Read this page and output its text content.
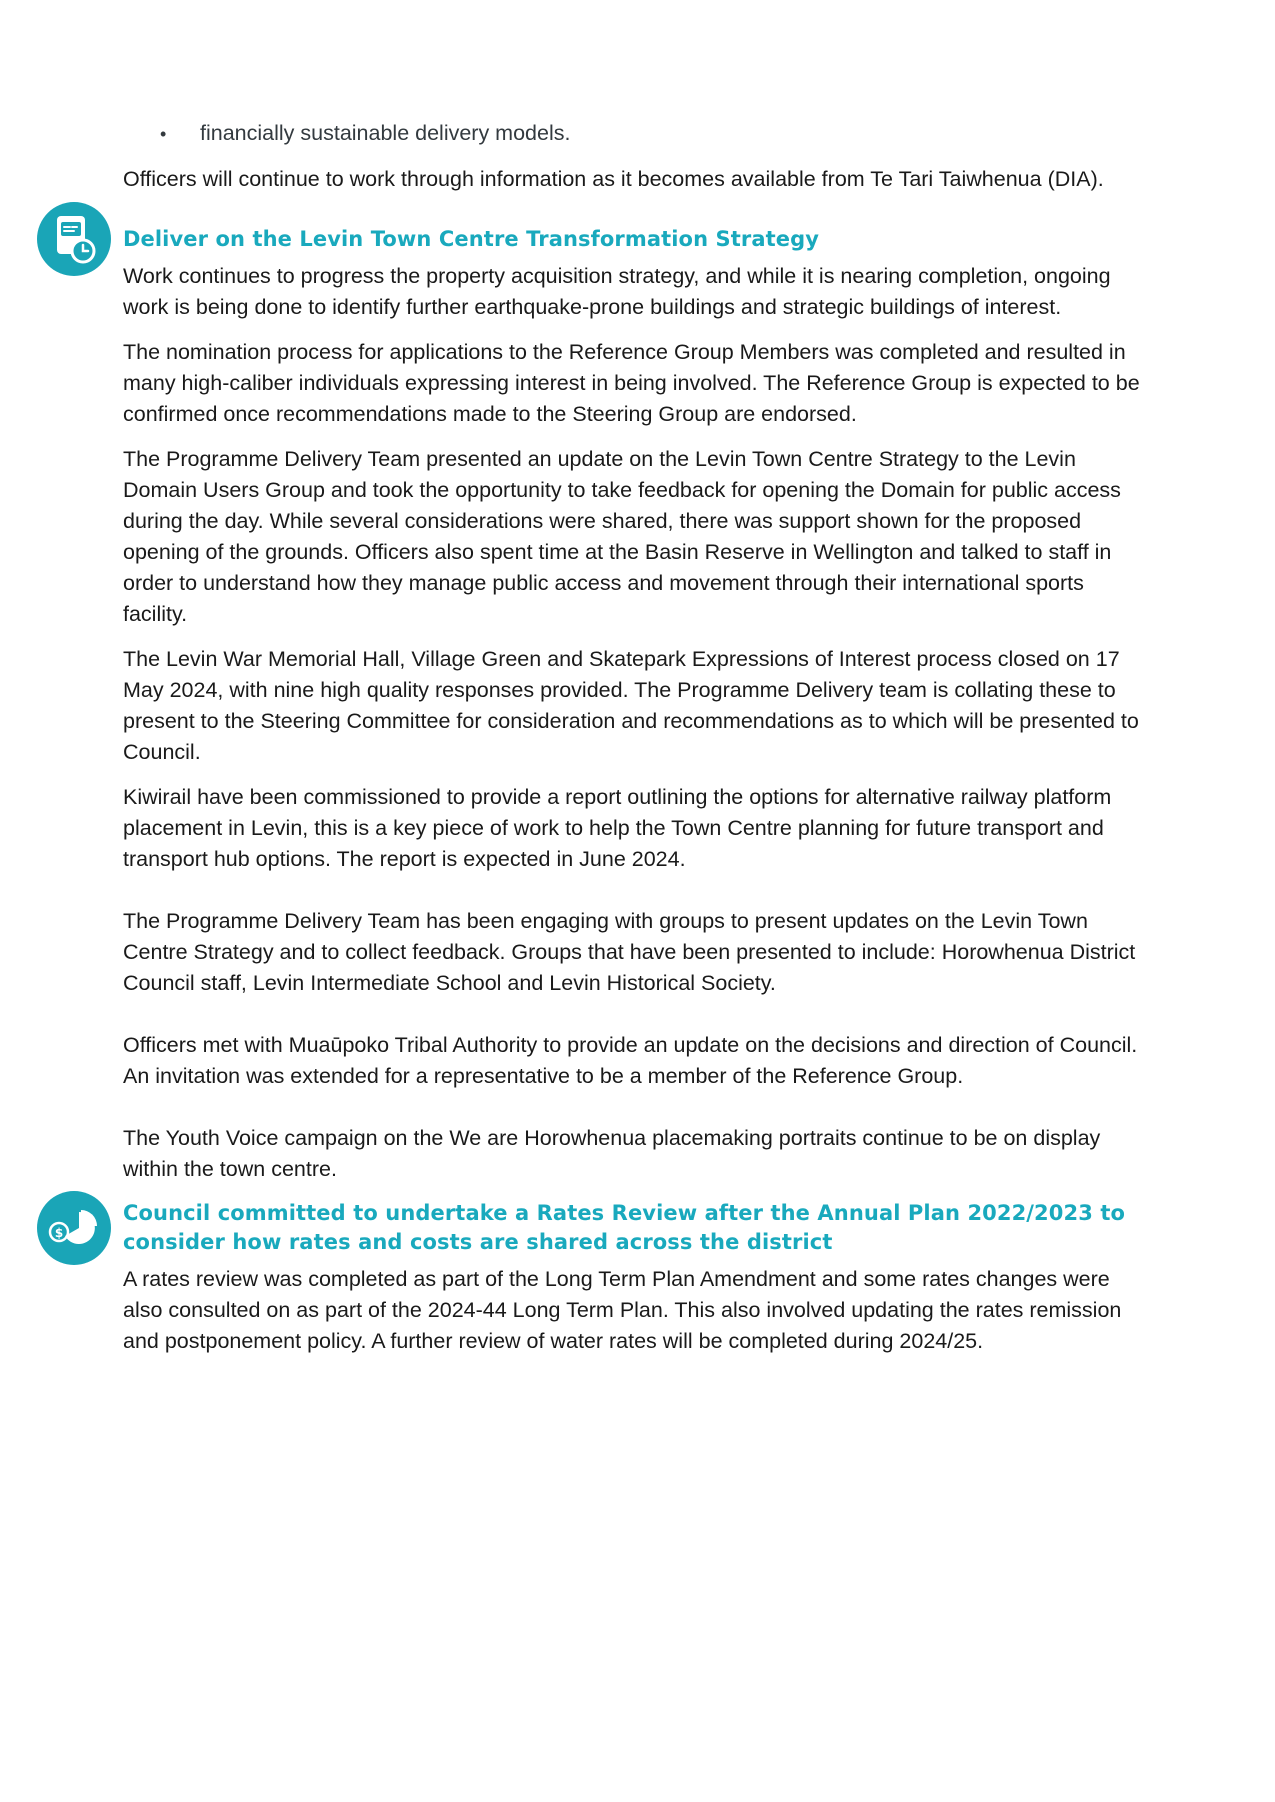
•	financially sustainable delivery models.

Officers will continue to work through information as it becomes available from Te Tari Taiwhenua (DIA).

Deliver on the Levin Town Centre Transformation Strategy

Work continues to progress the property acquisition strategy, and while it is nearing completion, ongoing work is being done to identify further earthquake-prone buildings and strategic buildings of interest.

The nomination process for applications to the Reference Group Members was completed and resulted in many high-caliber individuals expressing interest in being involved. The Reference Group is expected to be confirmed once recommendations made to the Steering Group are endorsed.

The Programme Delivery Team presented an update on the Levin Town Centre Strategy to the Levin Domain Users Group and took the opportunity to take feedback for opening the Domain for public access during the day. While several considerations were shared, there was support shown for the proposed opening of the grounds. Officers also spent time at the Basin Reserve in Wellington and talked to staff in order to understand how they manage public access and movement through their international sports facility.

The Levin War Memorial Hall, Village Green and Skatepark Expressions of Interest process closed on 17 May 2024, with nine high quality responses provided. The Programme Delivery team is collating these to present to the Steering Committee for consideration and recommendations as to which will be presented to Council.

Kiwirail have been commissioned to provide a report outlining the options for alternative railway platform placement in Levin, this is a key piece of work to help the Town Centre planning for future transport and transport hub options. The report is expected in June 2024.

The Programme Delivery Team has been engaging with groups to present updates on the Levin Town Centre Strategy and to collect feedback. Groups that have been presented to include: Horowhenua District Council staff, Levin Intermediate School and Levin Historical Society.

Officers met with Muaūpoko Tribal Authority to provide an update on the decisions and direction of Council. An invitation was extended for a representative to be a member of the Reference Group.

The Youth Voice campaign on the We are Horowhenua placemaking portraits continue to be on display within the town centre.

$
Council committed to undertake a Rates Review after the Annual Plan 2022/2023 to consider how rates and costs are shared across the district

A rates review was completed as part of the Long Term Plan Amendment and some rates changes were also consulted on as part of the 2024-44 Long Term Plan. This also involved updating the rates remission and postponement policy. A further review of water rates will be completed during 2024/25.
